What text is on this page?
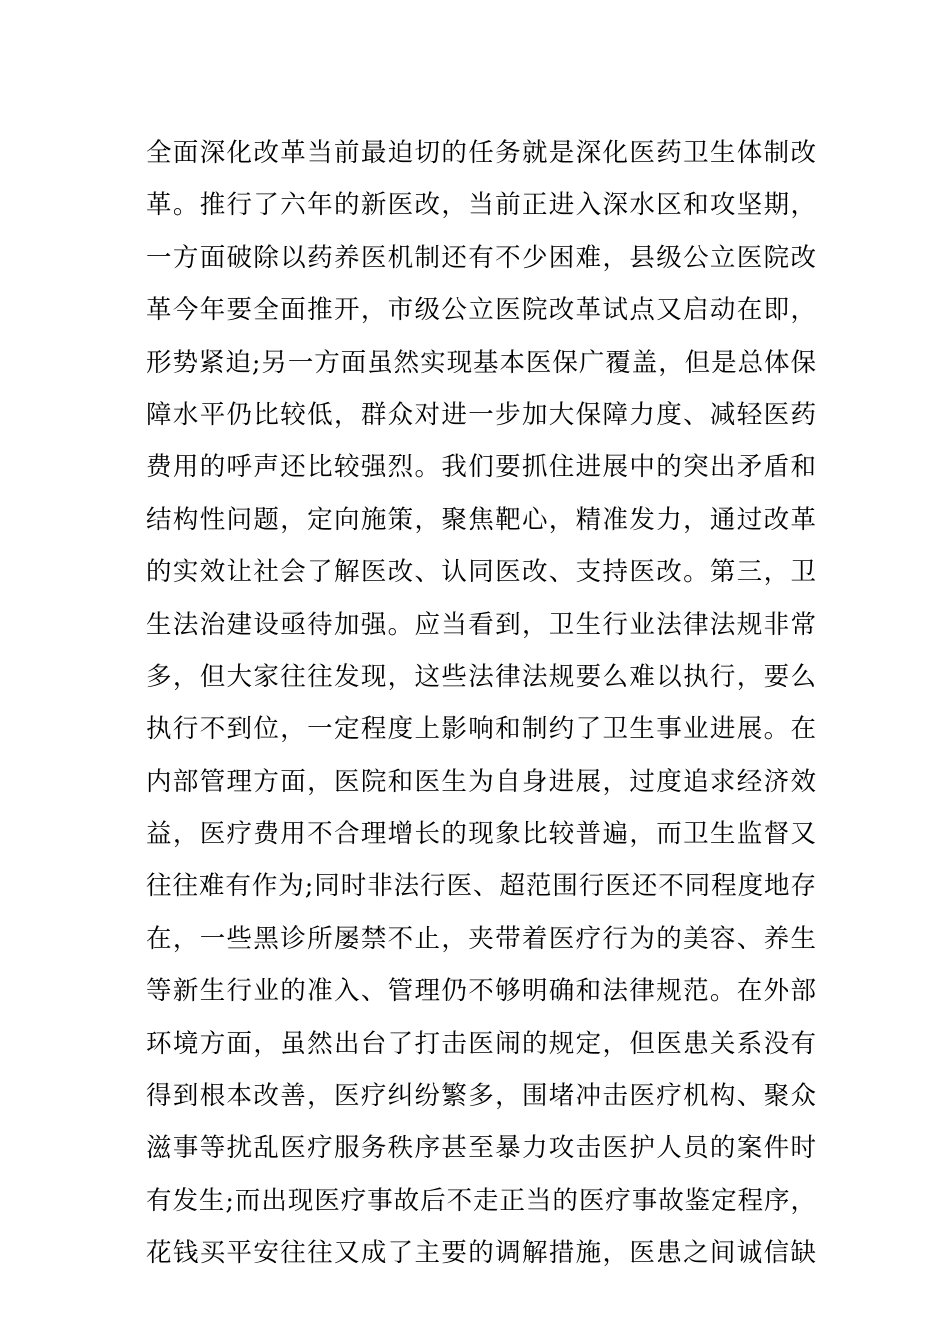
全面深化改革当前最迫切的任务就是深化医药卫生体制改
革。推行了六年的新医改，当前正进入深水区和攻坚期，
一方面破除以药养医机制还有不少困难，县级公立医院改
革今年要全面推开，市级公立医院改革试点又启动在即，
形势紧迫;另一方面虽然实现基本医保广覆盖，但是总体保
障水平仍比较低，群众对进一步加大保障力度、减轻医药
费用的呼声还比较强烈。我们要抓住进展中的突出矛盾和
结构性问题，定向施策，聚焦靶心，精准发力，通过改革
的实效让社会了解医改、认同医改、支持医改。第三，卫
生法治建设亟待加强。应当看到，卫生行业法律法规非常
多，但大家往往发现，这些法律法规要么难以执行，要么
执行不到位，一定程度上影响和制约了卫生事业进展。在
内部管理方面，医院和医生为自身进展，过度追求经济效
益，医疗费用不合理增长的现象比较普遍，而卫生监督又
往往难有作为;同时非法行医、超范围行医还不同程度地存
在，一些黑诊所屡禁不止，夹带着医疗行为的美容、养生
等新生行业的准入、管理仍不够明确和法律规范。在外部
环境方面，虽然出台了打击医闹的规定，但医患关系没有
得到根本改善，医疗纠纷繁多，围堵冲击医疗机构、聚众
滋事等扰乱医疗服务秩序甚至暴力攻击医护人员的案件时
有发生;而出现医疗事故后不走正当的医疗事故鉴定程序，
花钱买平安往往又成了主要的调解措施，医患之间诚信缺
